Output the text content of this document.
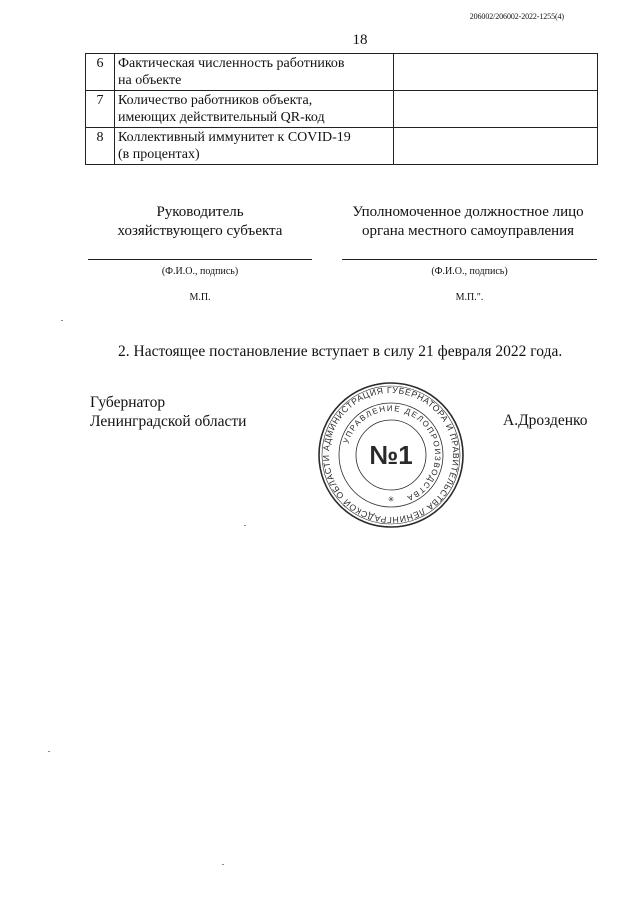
206002/206002-2022-1255(4)
18
6	Фактическая численность работников
на объекте	

7	Количество работников объекта,
имеющих действительный QR-код	

8	Коллективный иммунитет к COVID-19
(в процентах)	

Руководитель
хозяйствующего субъекта
(Ф.И.О., подпись)
М.П.
Уполномоченное должностное лицо
органа местного самоуправления
(Ф.И.О., подпись)
М.П.".
2. Настоящее постановление вступает в силу 21 февраля 2022 года.
Губернатор
Ленинградской области	А.Дрозденко
АДМИНИСТРАЦИЯ ГУБЕРНАТОРА И ПРАВИТЕЛЬСТВА ЛЕНИНГРАДСКОЙ ОБЛАСТИ
УПРАВЛЕНИЕ ДЕЛОПРОИЗВОДСТВА
№1
✳
